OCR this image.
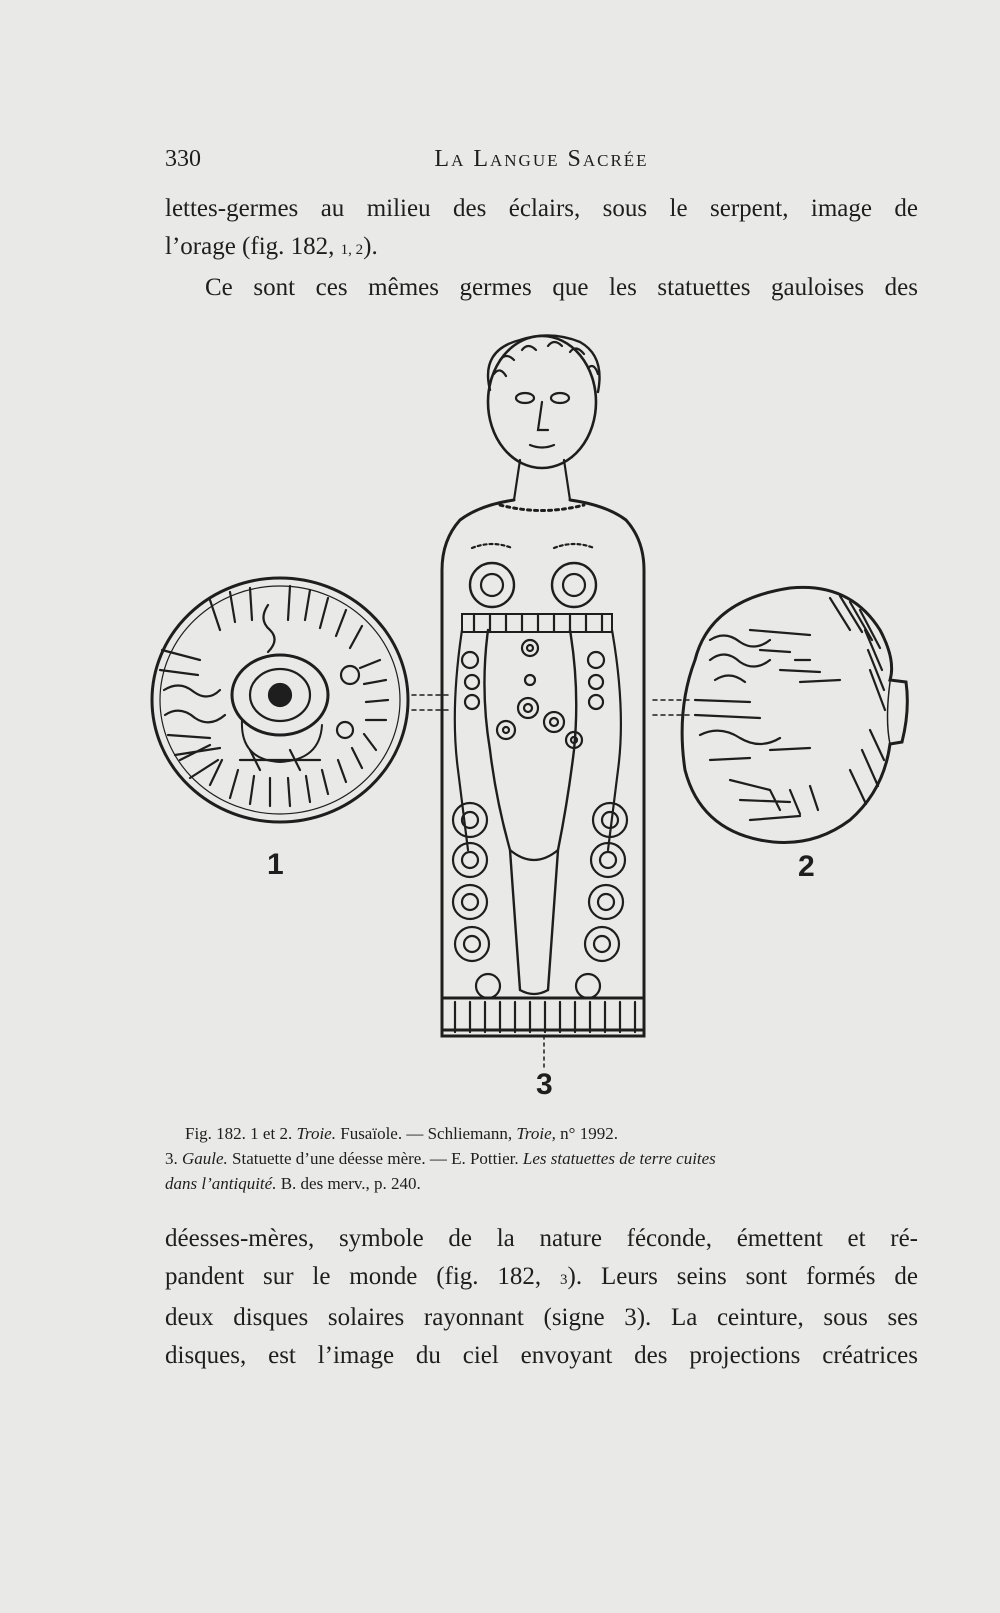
330	La Langue Sacrée

lettes-germes au milieu des éclairs, sous le serpent, image de
l’orage (fig. 182, 1, 2).
Ce sont ces mêmes germes que les statuettes gauloises des

1	2
3

Fig. 182. 1 et 2. Troie. Fusaïole. — Schliemann, Troie, n° 1992.
3. Gaule. Statuette d’une déesse mère. — E. Pottier. Les statuettes de terre cuites
dans l’antiquité. B. des merv., p. 240.

déesses-mères, symbole de la nature féconde, émettent et ré-
pandent sur le monde (fig. 182, 3). Leurs seins sont formés de
deux disques solaires rayonnant (signe 3). La ceinture, sous ses
disques, est l’image du ciel envoyant des projections créatrices
